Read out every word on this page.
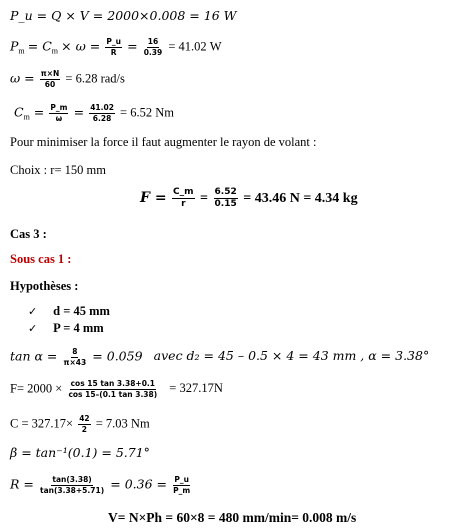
P_u = Q × V = 2000×0.008 = 16 W
$P_m = C_m \times \omega = \frac{P\_u}{R} = \frac{16}{0.39} = 41.02$ W
$\omega = \frac{\pi\times N}{60} = 6.28$ rad/s
$C_m = \frac{P\_m}{\omega} = \frac{41.02}{6.28} = 6.52$ Nm
Pour minimiser la force il faut augmenter le rayon de volant :
Choix : r= 150 mm
$F = \frac{C\_m}{r} = \frac{6.52}{0.15} = 43.46$ N = 4.34 kg
Cas 3 :
Sous cas 1 :
Hypothèses :
✓ d = 45 mm
✓ P = 4 mm
$\tan \alpha = \frac{8}{\pi\times 43} = 0.059$ avec d₂ = 45 – 0.5 × 4 = 43 mm , α = 3.38°
$F= 2000 \times \frac{\cos 15 \tan 3.38+0.1}{\cos 15-(0.1 \tan 3.38)} = 327.17N$
$C = 327.17\times \frac{42}{2} = 7.03$ Nm
β = tan⁻¹(0.1) = 5.71°
$R = \frac{\tan(3.38)}{\tan(3.38+5.71)} = 0.36 = \frac{P\_u}{P\_m}$
V= N×Ph = 60×8 = 480 mm/min= 0.008 m/s
